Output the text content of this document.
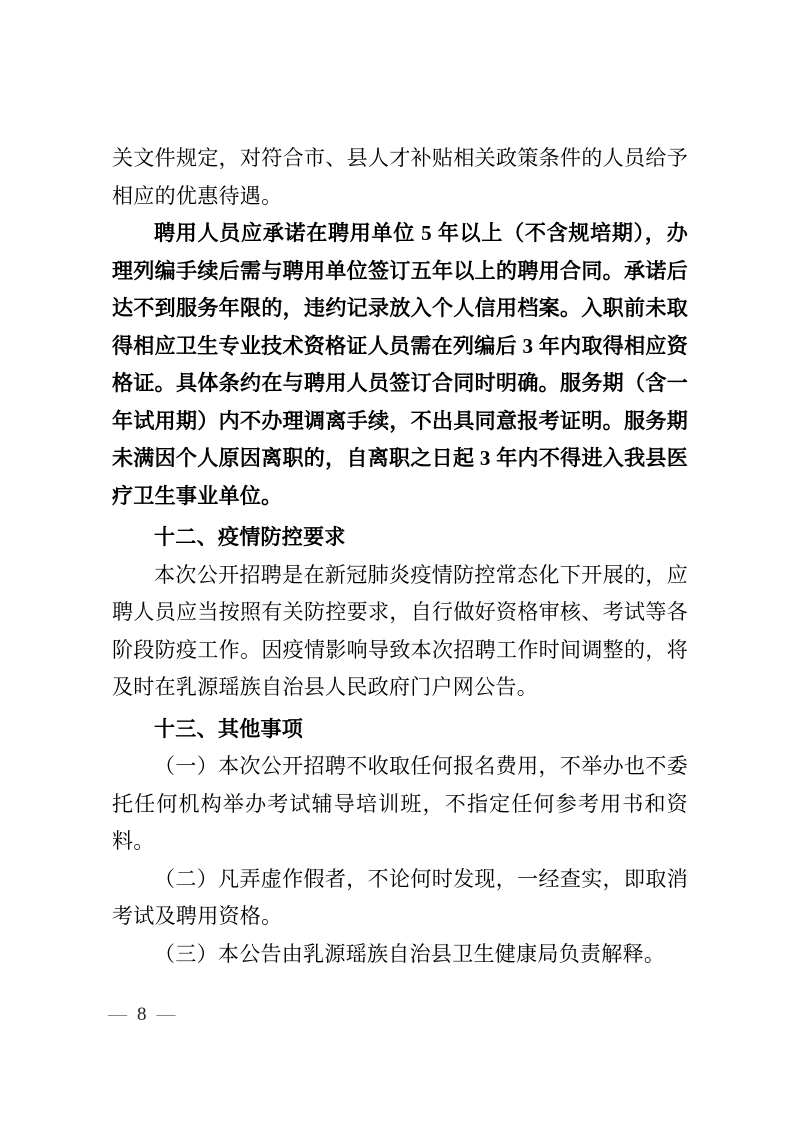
关文件规定，对符合市、县人才补贴相关政策条件的人员给予相应的优惠待遇。

聘用人员应承诺在聘用单位 5 年以上（不含规培期），办理列编手续后需与聘用单位签订五年以上的聘用合同。承诺后达不到服务年限的，违约记录放入个人信用档案。入职前未取得相应卫生专业技术资格证人员需在列编后 3 年内取得相应资格证。具体条约在与聘用人员签订合同时明确。服务期（含一年试用期）内不办理调离手续，不出具同意报考证明。服务期未满因个人原因离职的，自离职之日起 3 年内不得进入我县医疗卫生事业单位。

十二、疫情防控要求

本次公开招聘是在新冠肺炎疫情防控常态化下开展的，应聘人员应当按照有关防控要求，自行做好资格审核、考试等各阶段防疫工作。因疫情影响导致本次招聘工作时间调整的，将及时在乳源瑶族自治县人民政府门户网公告。

十三、其他事项

（一）本次公开招聘不收取任何报名费用，不举办也不委托任何机构举办考试辅导培训班，不指定任何参考用书和资料。

（二）凡弄虚作假者，不论何时发现，一经查实，即取消考试及聘用资格。

（三）本公告由乳源瑶族自治县卫生健康局负责解释。

— 8 —
